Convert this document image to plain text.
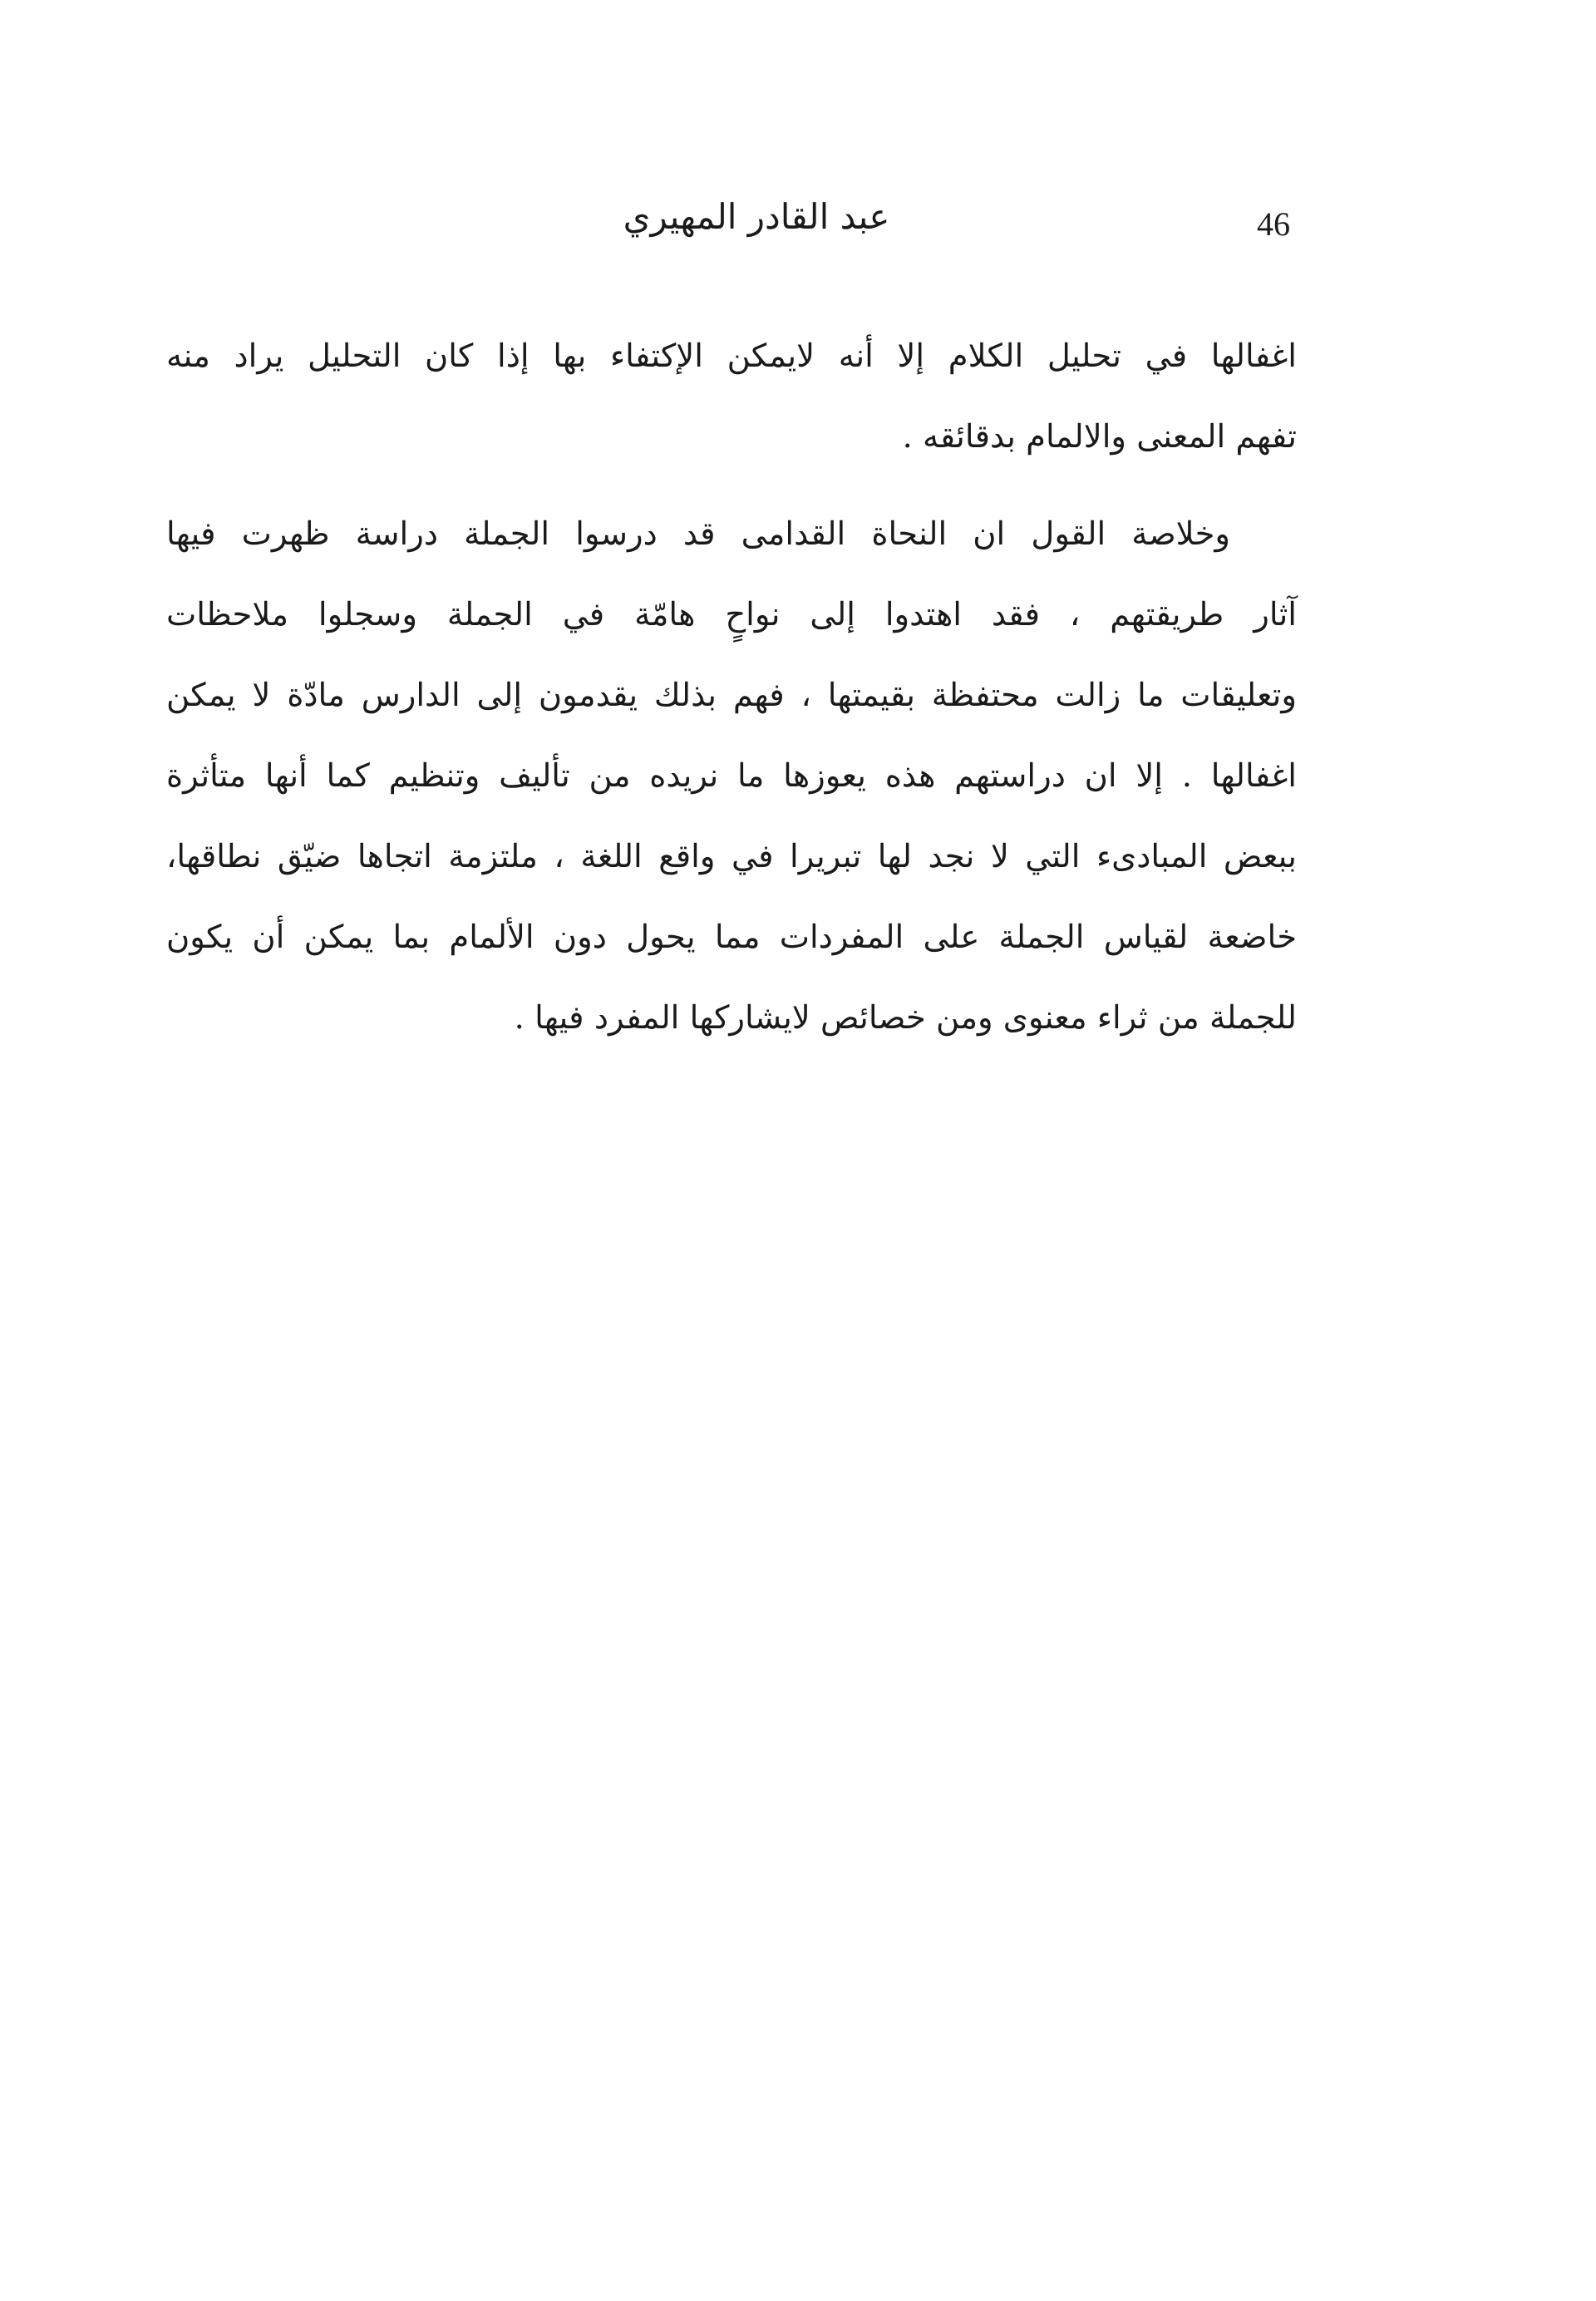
46
عبد القادر المهيري
اغفالها في تحليل الكلام إلا أنه لايمكن الإكتفاء بها إذا كان التحليل يراد منه
تفهم المعنى والالمام بدقائقه .
وخلاصة القول ان النحاة القدامى قد درسوا الجملة دراسة ظهرت فيها
آثار طريقتهم ، فقد اهتدوا إلى نواحٍ هامّة في الجملة وسجلوا ملاحظات
وتعليقات ما زالت محتفظة بقيمتها ، فهم بذلك يقدمون إلى الدارس مادّة لا يمكن
اغفالها . إلا ان دراستهم هذه يعوزها ما نريده من تأليف وتنظيم كما أنها متأثرة
ببعض المبادىء التي لا نجد لها تبريرا في واقع اللغة ، ملتزمة اتجاها ضيّق نطاقها،
خاضعة لقياس الجملة على المفردات مما يحول دون الألمام بما يمكن أن يكون
للجملة من ثراء معنوى ومن خصائص لايشاركها المفرد فيها .
